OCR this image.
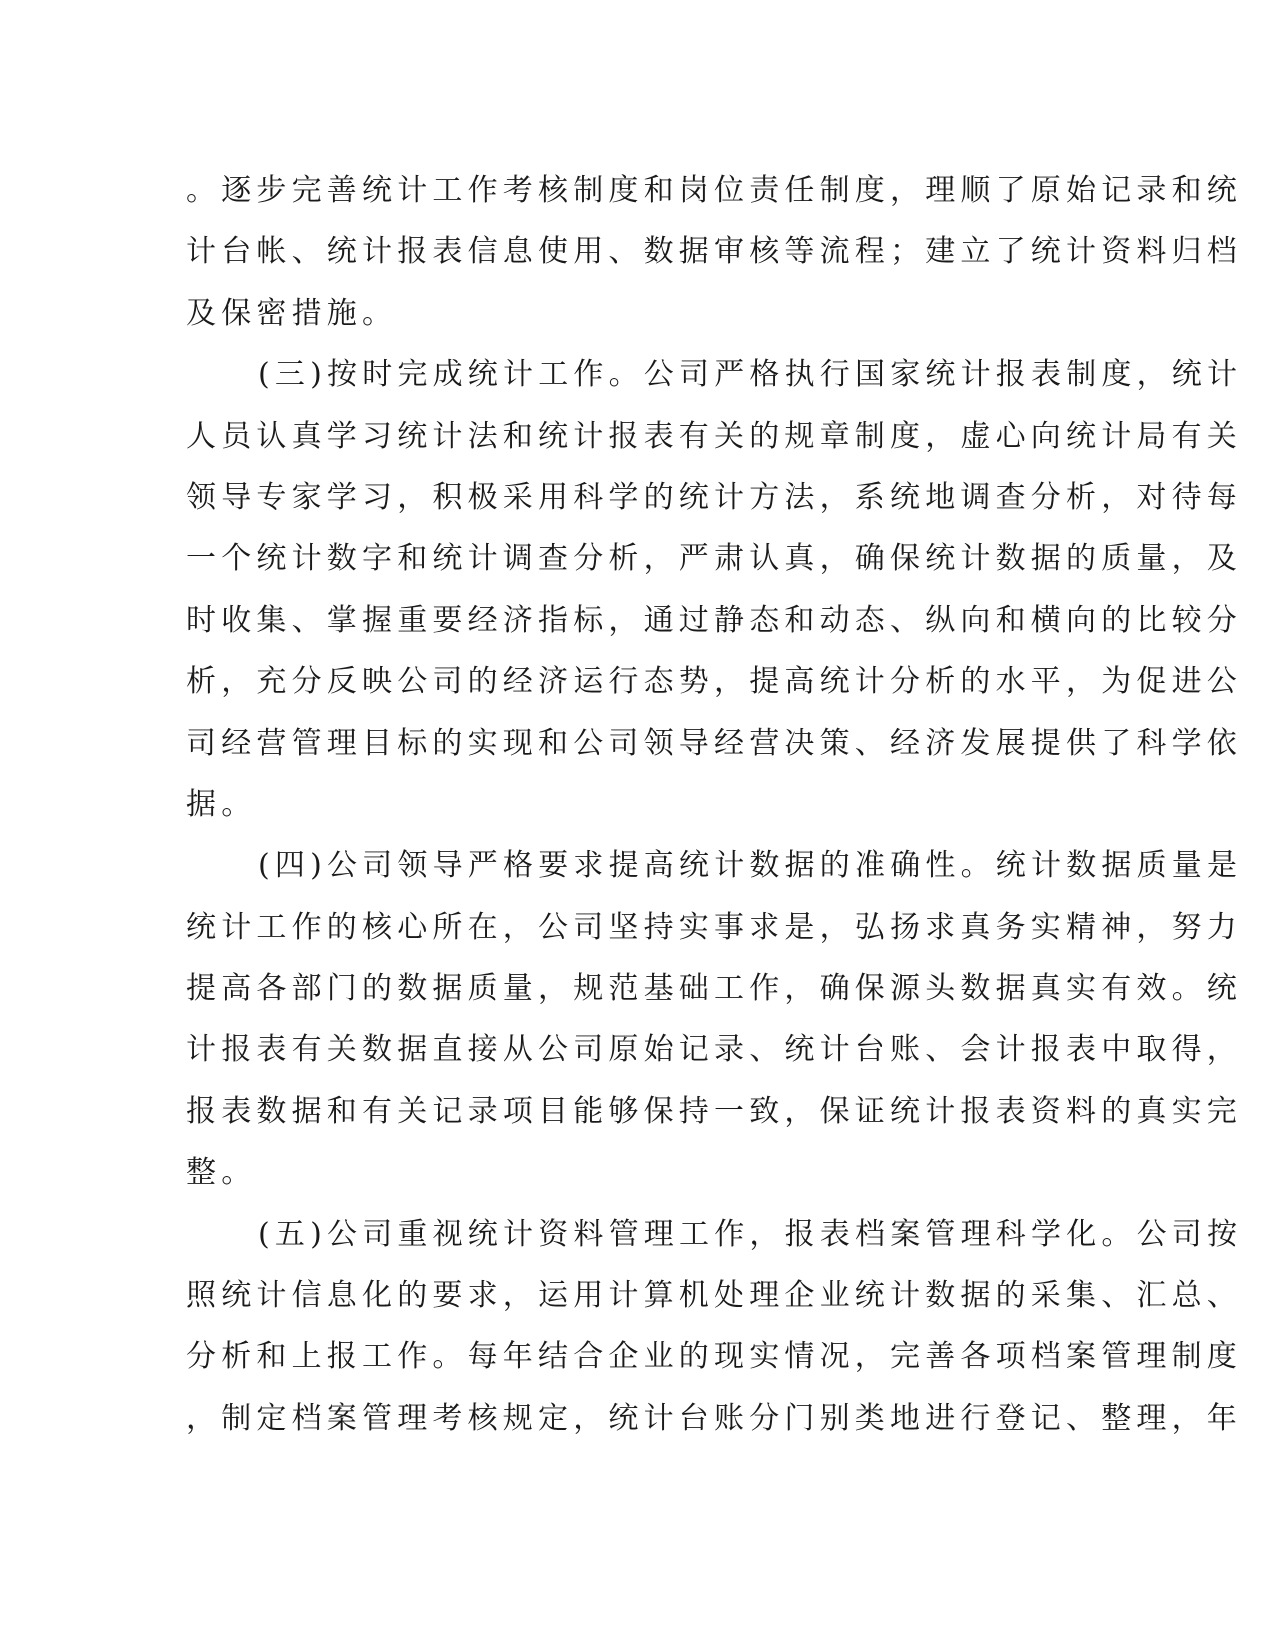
。逐步完善统计工作考核制度和岗位责任制度，理顺了原始记录和统
计台帐、统计报表信息使用、数据审核等流程；建立了统计资料归档
及保密措施。
(三)按时完成统计工作。公司严格执行国家统计报表制度，统计
人员认真学习统计法和统计报表有关的规章制度，虚心向统计局有关
领导专家学习，积极采用科学的统计方法，系统地调查分析，对待每
一个统计数字和统计调查分析，严肃认真，确保统计数据的质量，及
时收集、掌握重要经济指标，通过静态和动态、纵向和横向的比较分
析，充分反映公司的经济运行态势，提高统计分析的水平，为促进公
司经营管理目标的实现和公司领导经营决策、经济发展提供了科学依
据。
(四)公司领导严格要求提高统计数据的准确性。统计数据质量是
统计工作的核心所在，公司坚持实事求是，弘扬求真务实精神，努力
提高各部门的数据质量，规范基础工作，确保源头数据真实有效。统
计报表有关数据直接从公司原始记录、统计台账、会计报表中取得，
报表数据和有关记录项目能够保持一致，保证统计报表资料的真实完
整。
(五)公司重视统计资料管理工作，报表档案管理科学化。公司按
照统计信息化的要求，运用计算机处理企业统计数据的采集、汇总、
分析和上报工作。每年结合企业的现实情况，完善各项档案管理制度
，制定档案管理考核规定，统计台账分门别类地进行登记、整理，年
